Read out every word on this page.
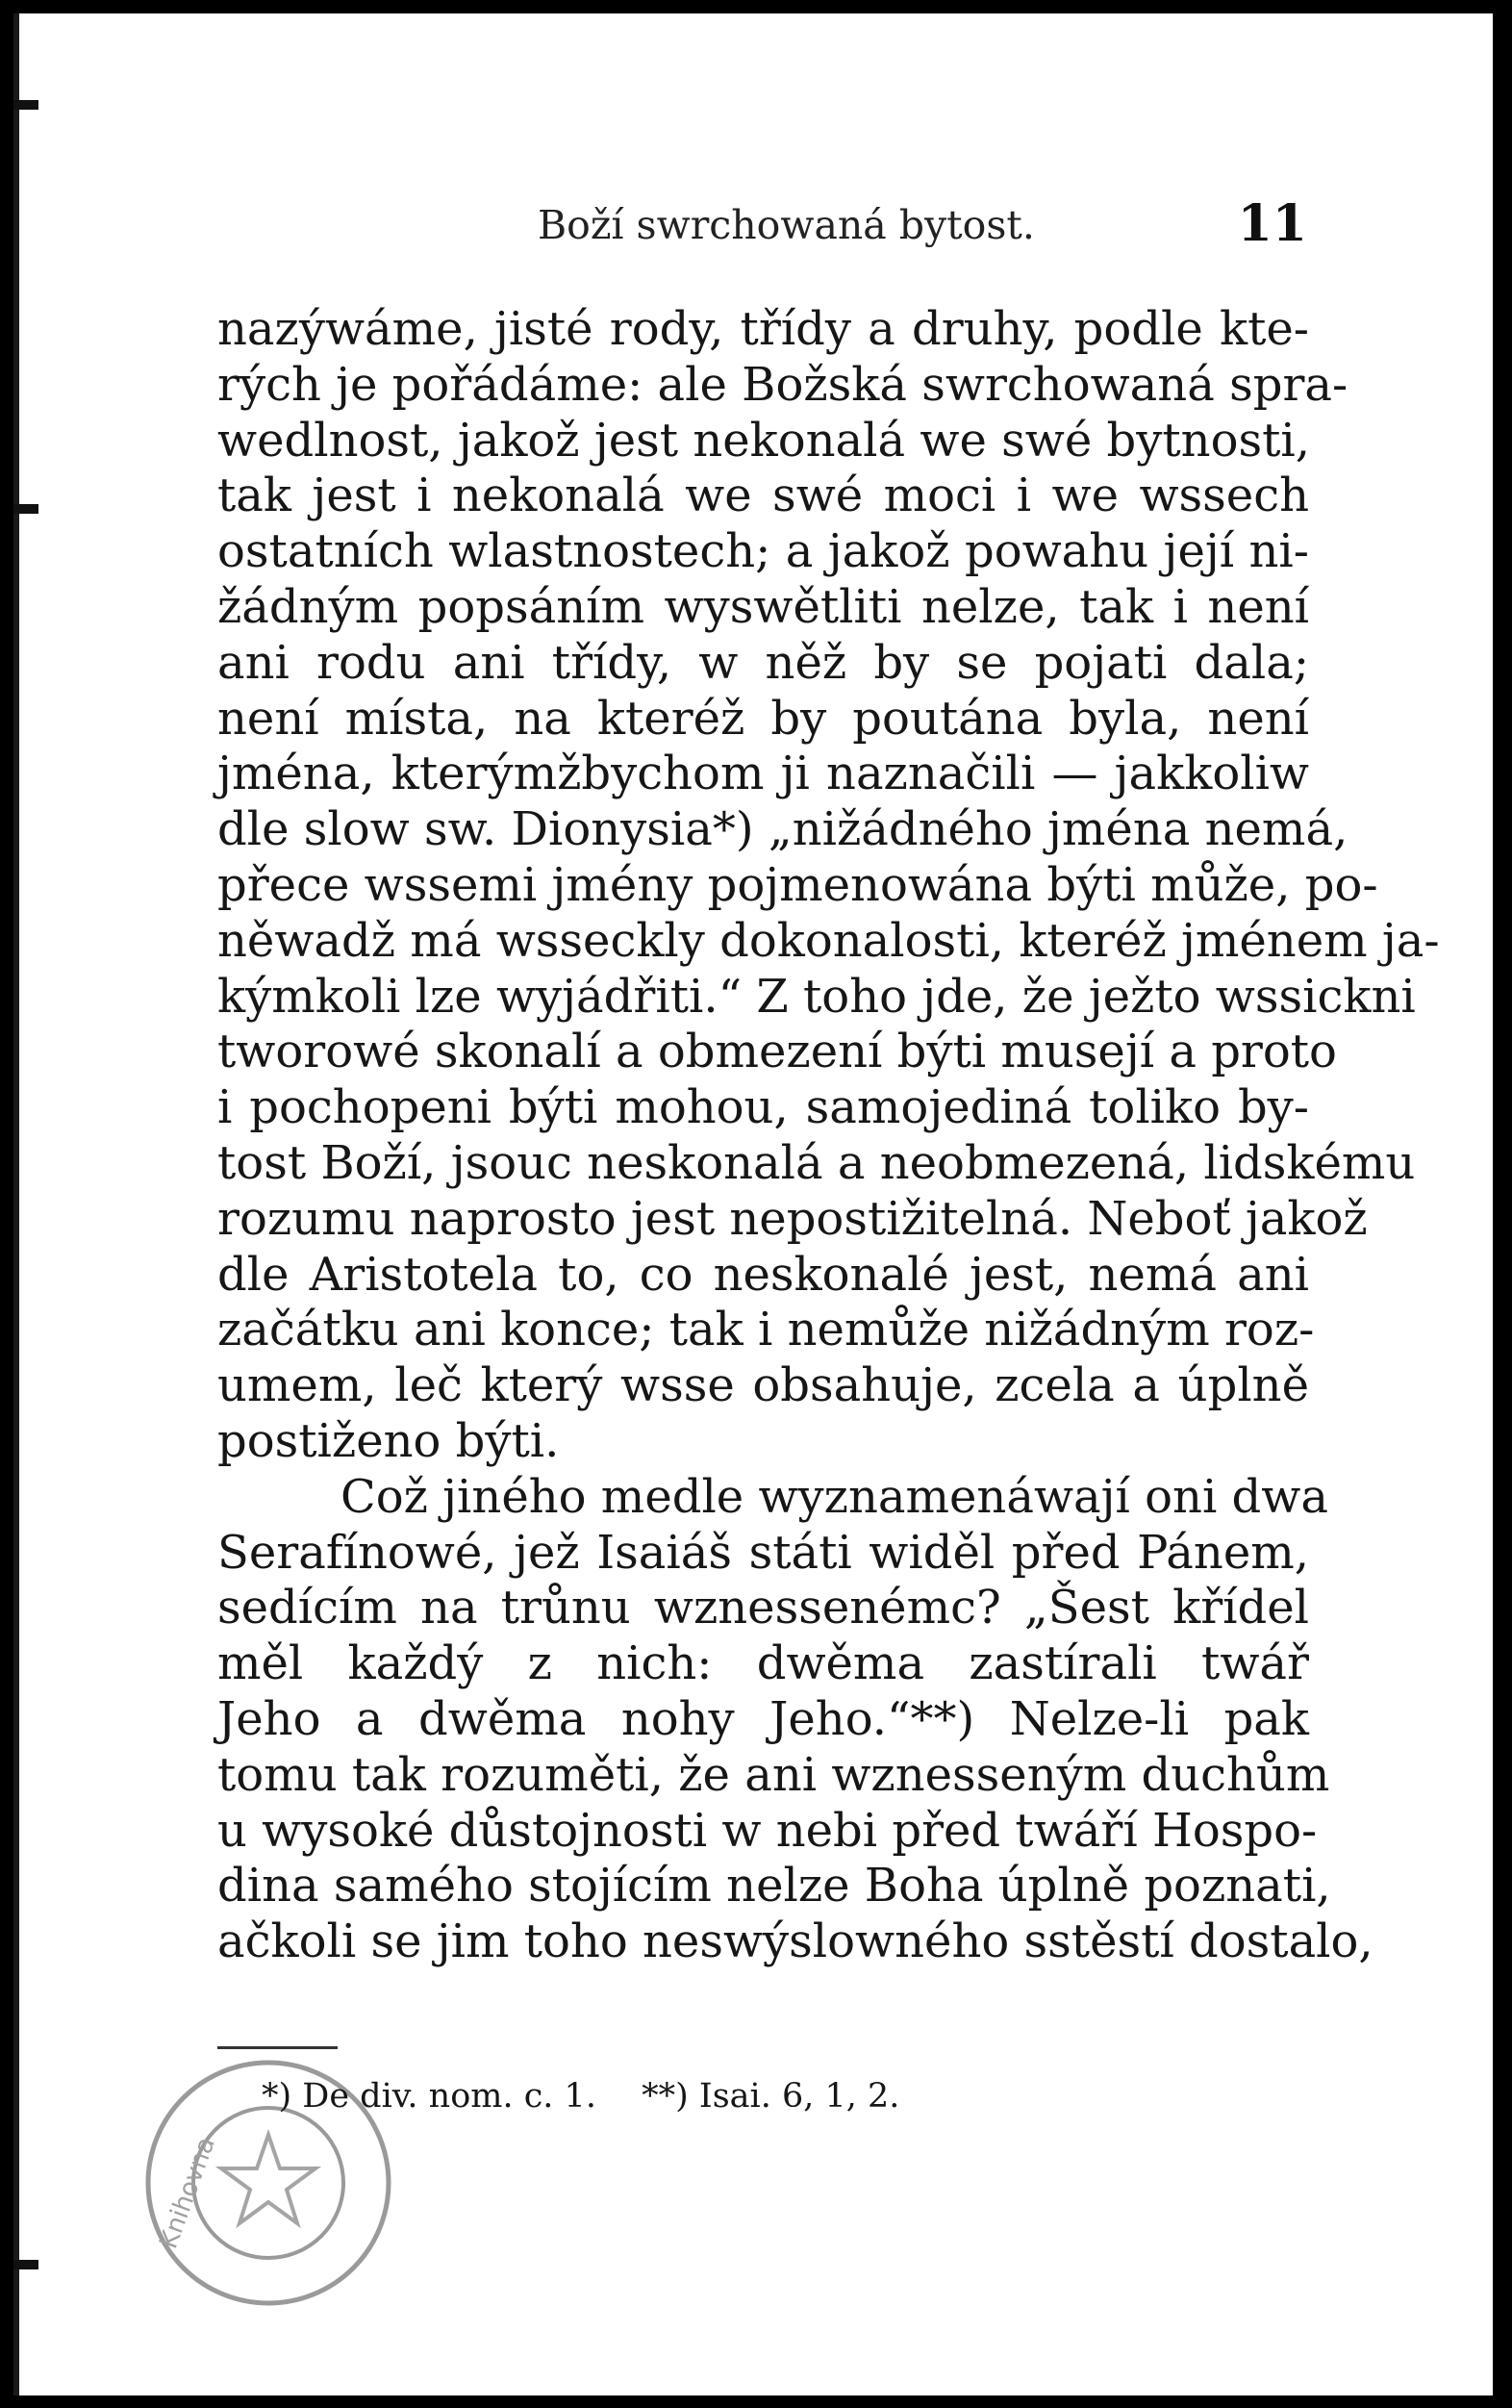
Boží swrchowaná bytost.	11
nazýwáme, jisté rody, třídy a druhy, podle kte-
rých je pořádáme: ale Božská swrchowaná spra-
wedlnost, jakož jest nekonalá we swé bytnosti,
tak jest i nekonalá we swé moci i we wssech
ostatních wlastnostech; a jakož powahu její ni-
žádným popsáním wyswětliti nelze, tak i není
ani rodu ani třídy, w něž by se pojati dala;
není místa, na kteréž by poutána byla, není
jména, kterýmžbychom ji naznačili — jakkoliw
dle slow sw. Dionysia*) „nižádného jména nemá,
přece wssemi jmény pojmenowána býti může, po-
něwadž má wsseckly dokonalosti, kteréž jménem ja-
kýmkoli lze wyjádřiti.“ Z toho jde, že ježto wssickni
tworowé skonalí a obmezení býti musejí a proto
i pochopeni býti mohou, samojediná toliko by-
tost Boží, jsouc neskonalá a neobmezená, lidskému
rozumu naprosto jest nepostižitelná. Neboť jakož
dle Aristotela to, co neskonalé jest, nemá ani
začátku ani konce; tak i nemůže nižádným roz-
umem, leč který wsse obsahuje, zcela a úplně
postiženo býti.
Což jiného medle wyznamenáwají oni dwa
Serafínowé, jež Isaiáš státi widěl před Pánem,
sedícím na trůnu wznessenémc? „Šest křídel
měl každý z nich: dwěma zastírali twář
Jeho a dwěma nohy Jeho.“**) Nelze-li pak
tomu tak rozuměti, že ani wznesseným duchům
u wysoké důstojnosti w nebi před twáří Hospo-
dina samého stojícím nelze Boha úplně poznati,
ačkoli se jim toho neswýslowného sstěstí dostalo,
Knihovna
*) De div. nom. c. 1. **) Isai. 6, 1, 2.
